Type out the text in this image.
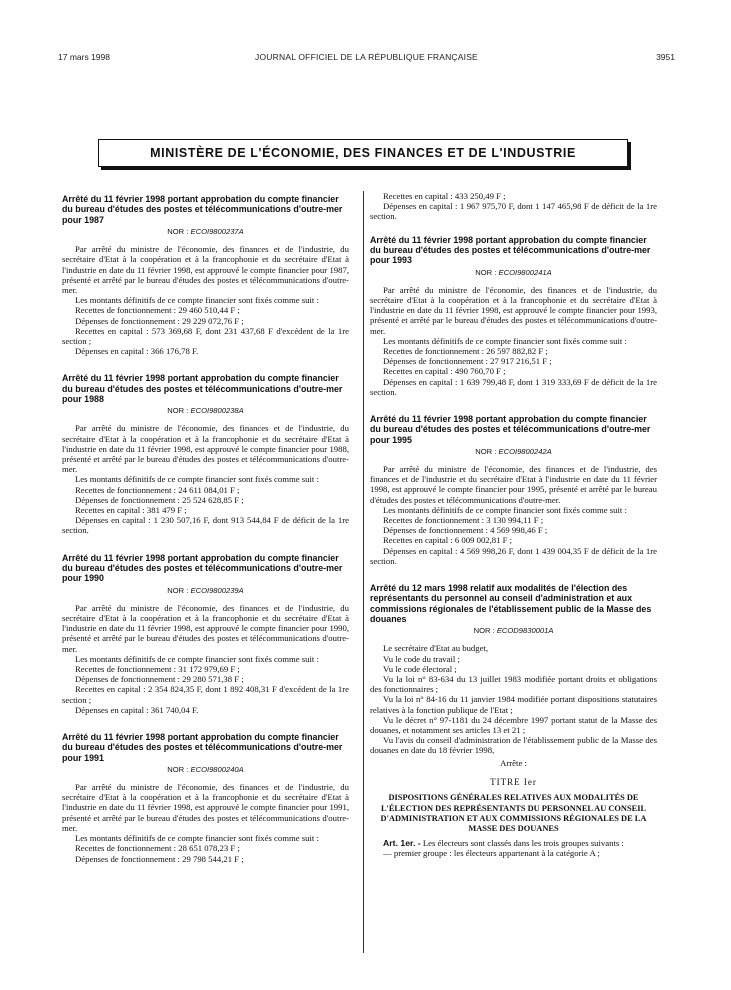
17 mars 1998	JOURNAL OFFICIEL DE LA RÉPUBLIQUE FRANÇAISE	3951
MINISTÈRE DE L'ÉCONOMIE, DES FINANCES ET DE L'INDUSTRIE
Arrêté du 11 février 1998 portant approbation du compte financier du bureau d'études des postes et télécommunications d'outre-mer pour 1987
NOR : ECOI9800237A

Par arrêté du ministre de l'économie, des finances et de l'industrie, du secrétaire d'Etat à la coopération et à la francophonie et du secrétaire d'Etat à l'industrie en date du 11 février 1998, est approuvé le compte financier pour 1987, présenté et arrêté par le bureau d'études des postes et télécommunications d'outre-mer.

Les montants définitifs de ce compte financier sont fixés comme suit :

Recettes de fonctionnement : 29 460 510,44 F ;

Dépenses de fonctionnement : 29 229 072,76 F ;

Recettes en capital : 573 369,68 F, dont 231 437,68 F d'excédent de la 1re section ;

Dépenses en capital : 366 176,78 F.

Arrêté du 11 février 1998 portant approbation du compte financier du bureau d'études des postes et télécommunications d'outre-mer pour 1988
NOR : ECOI9800238A

Par arrêté du ministre de l'économie, des finances et de l'industrie, du secrétaire d'Etat à la coopération et à la francophonie et du secrétaire d'Etat à l'industrie en date du 11 février 1998, est approuvé le compte financier pour 1988, présenté et arrêté par le bureau d'études des postes et télécommunications d'outre-mer.

Les montants définitifs de ce compte financier sont fixés comme suit :

Recettes de fonctionnement : 24 611 084,01 F ;

Dépenses de fonctionnement : 25 524 628,85 F ;

Recettes en capital : 381 479 F ;

Dépenses en capital : 1 230 507,16 F, dont 913 544,84 F de déficit de la 1re section.

Arrêté du 11 février 1998 portant approbation du compte financier du bureau d'études des postes et télécommunications d'outre-mer pour 1990
NOR : ECOI9800239A

Par arrêté du ministre de l'économie, des finances et de l'industrie, du secrétaire d'Etat à la coopération et à la francophonie et du secrétaire d'Etat à l'industrie en date du 11 février 1998, est approuvé le compte financier pour 1990, présenté et arrêté par le bureau d'études des postes et télécommunications d'outre-mer.

Les montants définitifs de ce compte financier sont fixés comme suit :

Recettes de fonctionnement : 31 172 979,69 F ;

Dépenses de fonctionnement : 29 280 571,38 F ;

Recettes en capital : 2 354 824,35 F, dont 1 892 408,31 F d'excédent de la 1re section ;

Dépenses en capital : 361 740,04 F.

Arrêté du 11 février 1998 portant approbation du compte financier du bureau d'études des postes et télécommunications d'outre-mer pour 1991
NOR : ECOI9800240A

Par arrêté du ministre de l'économie, des finances et de l'industrie, du secrétaire d'Etat à la coopération et à la francophonie et du secrétaire d'Etat à l'industrie en date du 11 février 1998, est approuvé le compte financier pour 1991, présenté et arrêté par le bureau d'études des postes et télécommunications d'outre-mer.

Les montants définitifs de ce compte financier sont fixés comme suit :

Recettes de fonctionnement : 28 651 078,23 F ;

Dépenses de fonctionnement : 29 798 544,21 F ;

Recettes en capital : 433 250,49 F ;

Dépenses en capital : 1 967 975,70 F, dont 1 147 465,98 F de déficit de la 1re section.

Arrêté du 11 février 1998 portant approbation du compte financier du bureau d'études des postes et télécommunications d'outre-mer pour 1993
NOR : ECOI9800241A

Par arrêté du ministre de l'économie, des finances et de l'industrie, du secrétaire d'Etat à la coopération et à la francophonie et du secrétaire d'Etat à l'industrie en date du 11 février 1998, est approuvé le compte financier pour 1993, présenté et arrêté par le bureau d'études des postes et télécommunications d'outre-mer.

Les montants définitifs de ce compte financier sont fixés comme suit :

Recettes de fonctionnement : 26 597 882,82 F ;

Dépenses de fonctionnement : 27 917 216,51 F ;

Recettes en capital : 490 760,70 F ;

Dépenses en capital : 1 639 799,48 F, dont 1 319 333,69 F de déficit de la 1re section.

Arrêté du 11 février 1998 portant approbation du compte financier du bureau d'études des postes et télécommunications d'outre-mer pour 1995
NOR : ECOI9800242A

Par arrêté du ministre de l'économie, des finances et de l'industrie, des finances et de l'industrie et du secrétaire d'Etat à l'industrie en date du 11 février 1998, est approuvé le compte financier pour 1995, présenté et arrêté par le bureau d'études des postes et télécommunications d'outre-mer.

Les montants définitifs de ce compte financier sont fixés comme suit :

Recettes de fonctionnement : 3 130 994,11 F ;

Dépenses de fonctionnement : 4 569 998,46 F ;

Recettes en capital : 6 009 002,81 F ;

Dépenses en capital : 4 569 998,26 F, dont 1 439 004,35 F de déficit de la 1re section.

Arrêté du 12 mars 1998 relatif aux modalités de l'élection des représentants du personnel au conseil d'administration et aux commissions régionales de l'établissement public de la Masse des douanes
NOR : ECOD9830001A

Le secrétaire d'Etat au budget,

Vu le code du travail ;

Vu le code électoral ;

Vu la loi n° 83-634 du 13 juillet 1983 modifiée portant droits et obligations des fonctionnaires ;

Vu la loi n° 84-16 du 11 janvier 1984 modifiée portant dispositions statutaires relatives à la fonction publique de l'Etat ;

Vu le décret n° 97-1181 du 24 décembre 1997 portant statut de la Masse des douanes, et notamment ses articles 13 et 21 ;

Vu l'avis du conseil d'administration de l'établissement public de la Masse des douanes en date du 18 février 1998,

Arrête :

TITRE Ier

DISPOSITIONS GÉNÉRALES RELATIVES AUX MODALITÉS DE L'ÉLECTION DES REPRÉSENTANTS DU PERSONNEL AU CONSEIL D'ADMINISTRATION ET AUX COMMISSIONS RÉGIONALES DE LA MASSE DES DOUANES

Art. 1er. - Les électeurs sont classés dans les trois groupes suivants :

— premier groupe : les électeurs appartenant à la catégorie A ;
